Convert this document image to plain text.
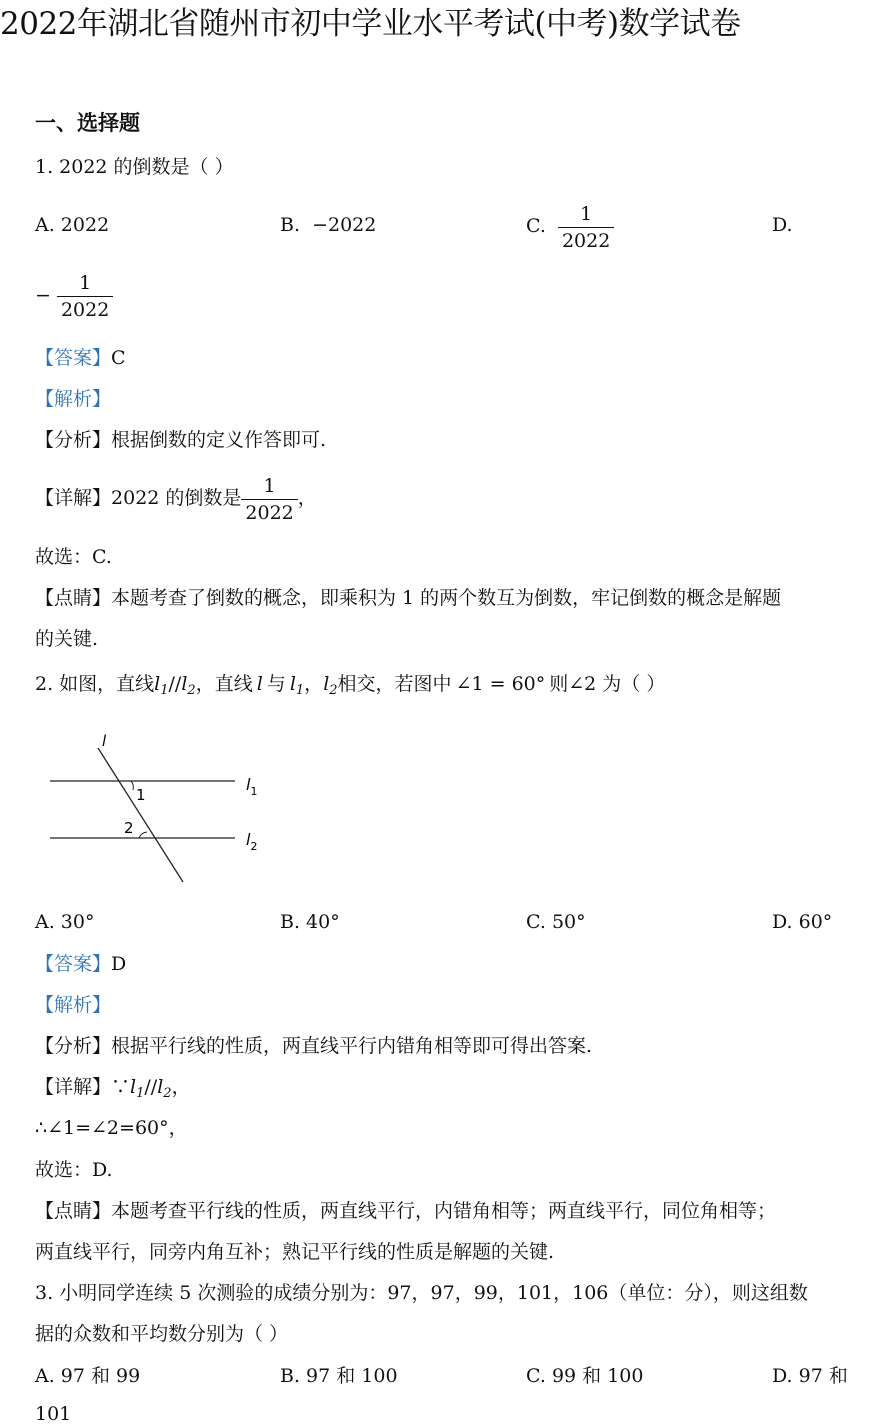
2022年湖北省随州市初中学业水平考试(中考)数学试卷
一、选择题
1. 2022 的倒数是（ ）
A. 2022	B. −2022	C. $\frac{1}{2022}$	D.
− $\frac{1}{2022}$
【答案】C
【解析】
【分析】根据倒数的定义作答即可.
【详解】2022 的倒数是 $\frac{1}{2022}$ ，
故选：C.
【点睛】本题考查了倒数的概念，即乘积为 1 的两个数互为倒数，牢记倒数的概念是解题
的关键.
2. 如图，直线$l_1//l_2$，直线 l 与 $l_1$，$l_2$相交，若图中 ∠1 = 60° 则∠2 为（ ）
l
1
2
$l_1$
$l_2$
A. 30°	B. 40°	C. 50°	D. 60°
【答案】D
【解析】
【分析】根据平行线的性质，两直线平行内错角相等即可得出答案.
【详解】$\because l_1//l_2$，
∴∠1=∠2=60°，
故选：D.
【点睛】本题考查平行线的性质，两直线平行，内错角相等；两直线平行，同位角相等；
两直线平行，同旁内角互补；熟记平行线的性质是解题的关键.
3. 小明同学连续 5 次测验的成绩分别为：97，97，99，101，106（单位：分），则这组数
据的众数和平均数分别为（ ）
A. 97 和 99	B. 97 和 100	C. 99 和 100	D. 97 和
101
